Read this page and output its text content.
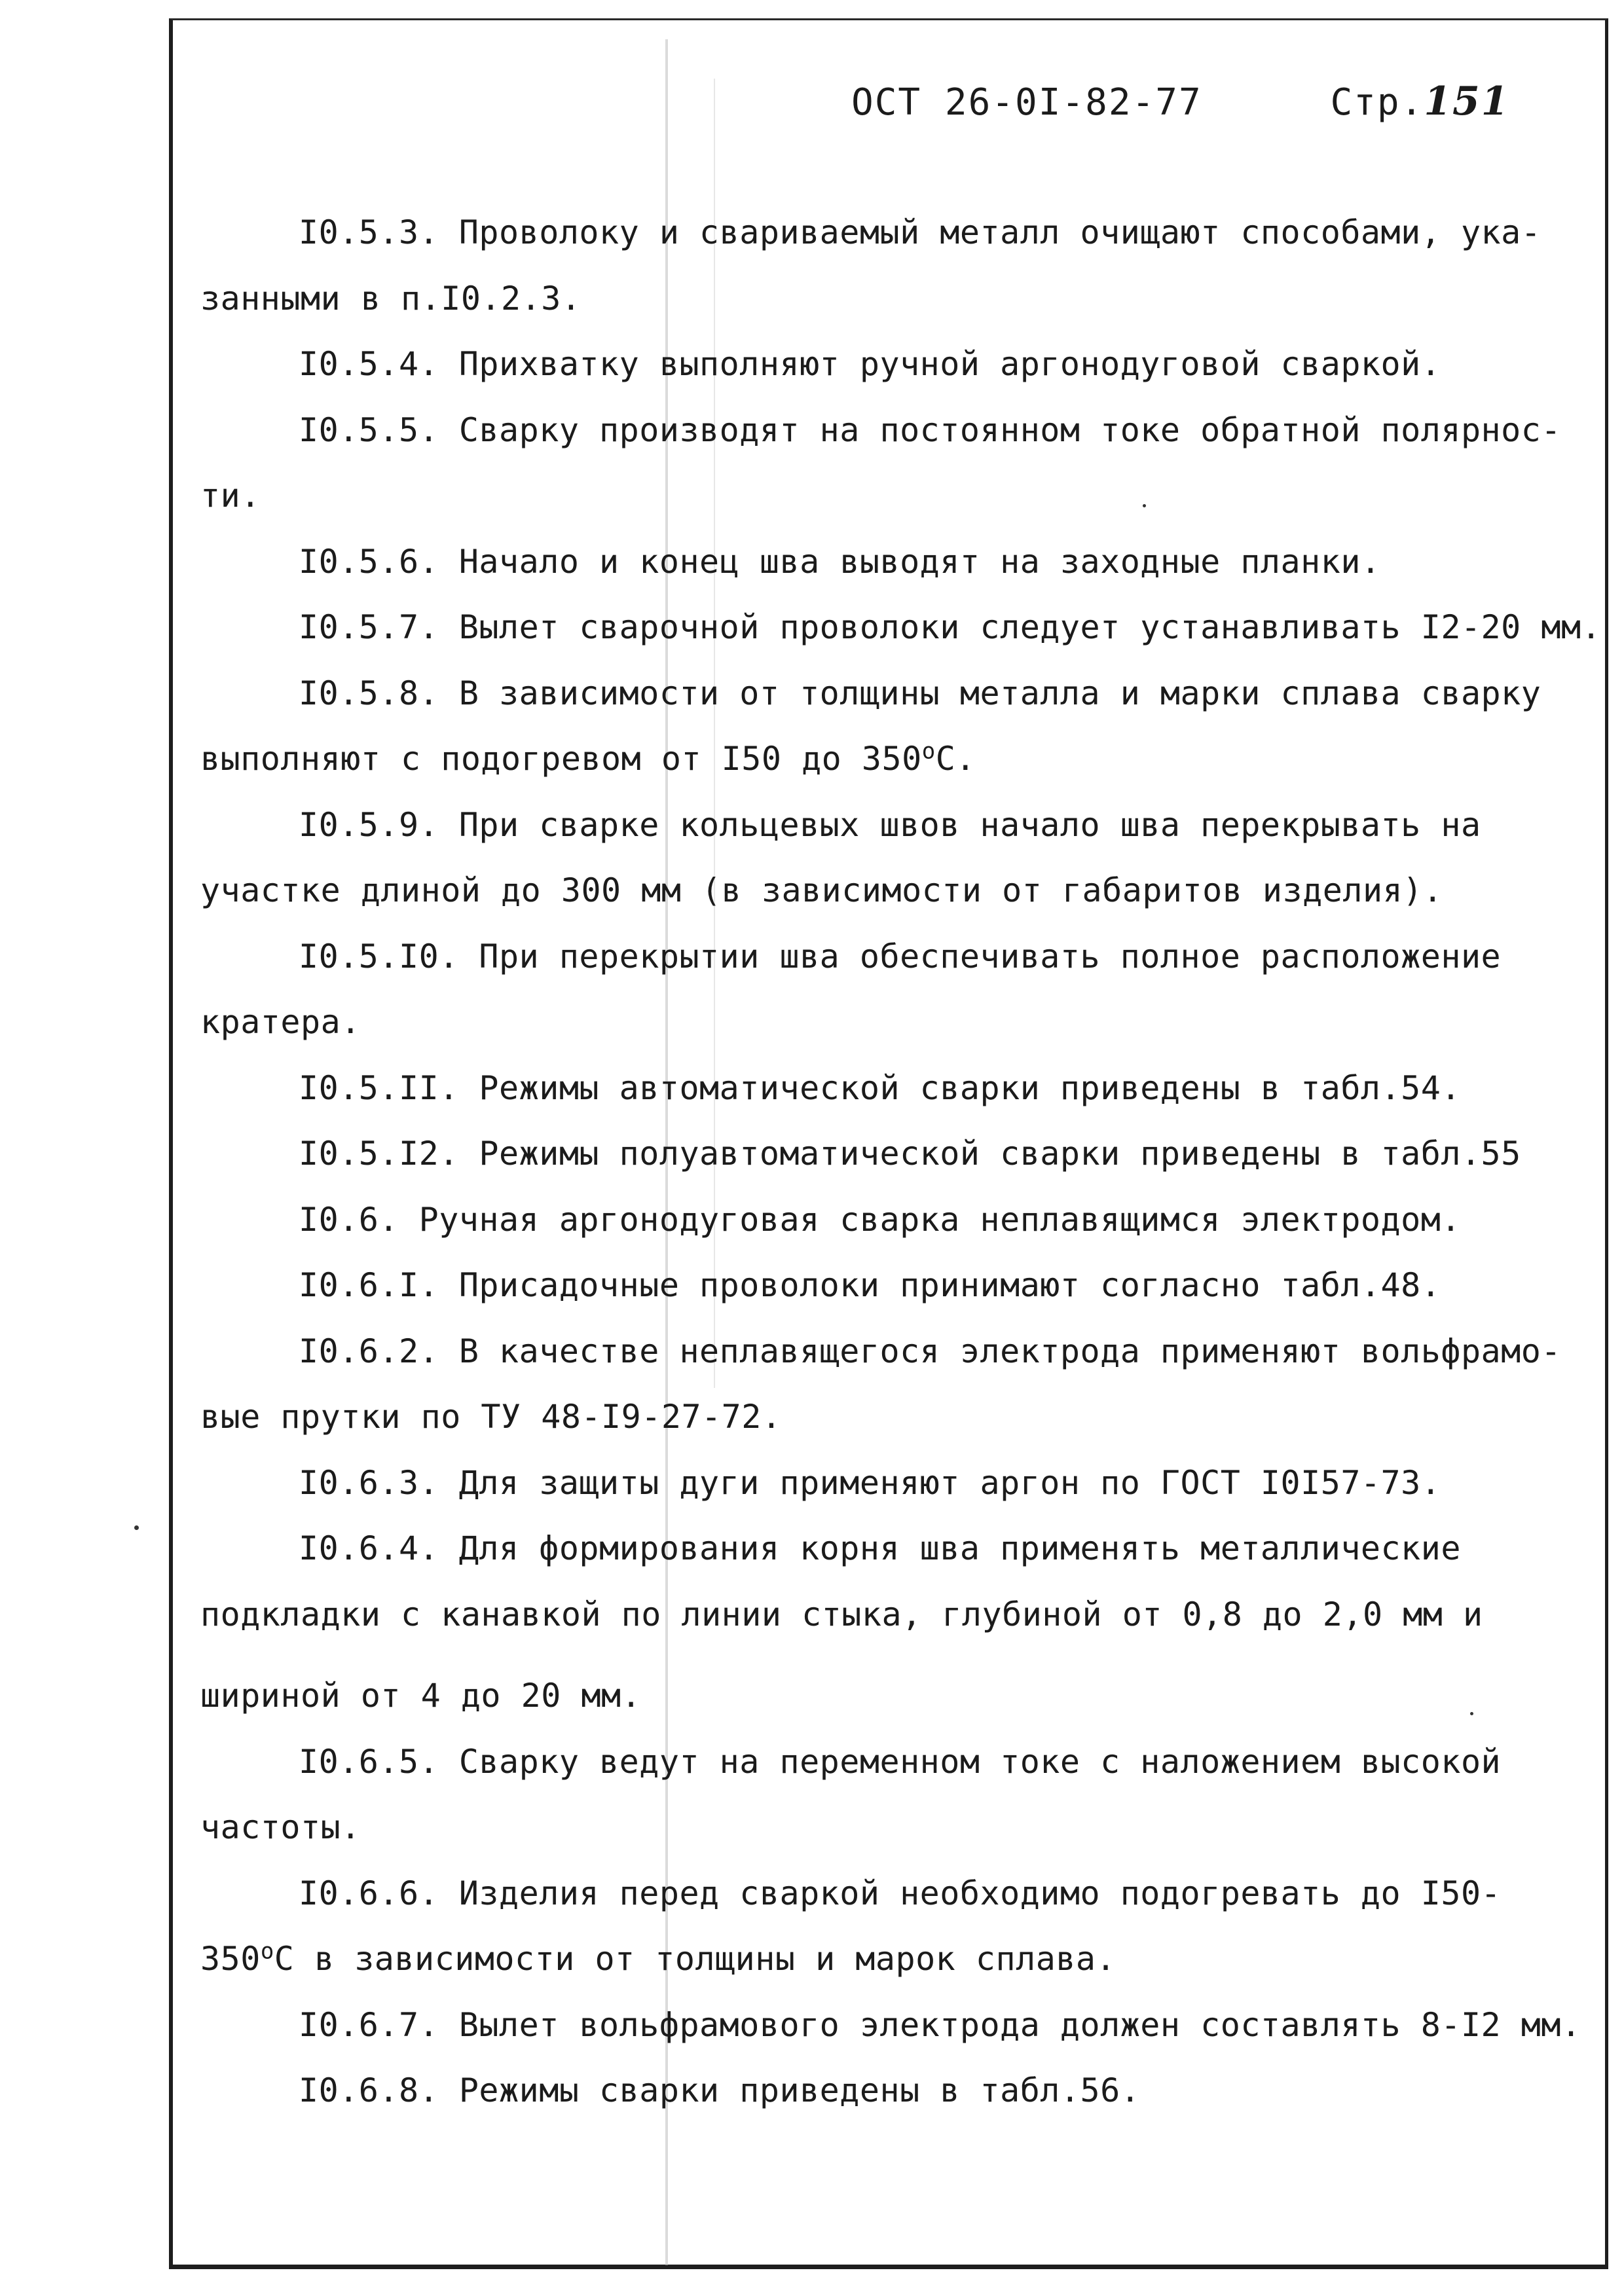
ОСТ 26-0I-82-77	Стр.151
I0.5.3. Проволоку и свариваемый металл очищают способами, ука-
занными в п.I0.2.3.
I0.5.4. Прихватку выполняют ручной аргонодуговой сваркой.
I0.5.5. Сварку производят на постоянном токе обратной полярнос-
ти.
I0.5.6. Начало и конец шва выводят на заходные планки.
I0.5.7. Вылет сварочной проволоки следует устанавливать I2-20 мм.
I0.5.8. В зависимости от толщины металла и марки сплава сварку
выполняют с подогревом от I50 до $350^оС$.
I0.5.9. При сварке кольцевых швов начало шва перекрывать на
участке длиной до 300 мм (в зависимости от габаритов изделия).
I0.5.I0. При перекрытии шва обеспечивать полное расположение
кратера.
I0.5.II. Режимы автоматической сварки приведены в табл.54.
I0.5.I2. Режимы полуавтоматической сварки приведены в табл.55
I0.6. Ручная аргонодуговая сварка неплавящимся электродом.
I0.6.I. Присадочные проволоки принимают согласно табл.48.
I0.6.2. В качестве неплавящегося электрода применяют вольфрамо-
вые прутки по ТУ 48-I9-27-72.
I0.6.3. Для защиты дуги применяют аргон по ГОСТ I0I57-73.
I0.6.4. Для формирования корня шва применять металлические
подкладки с канавкой по линии стыка, глубиной от 0,8 до 2,0 мм и
шириной от 4 до 20 мм.
I0.6.5. Сварку ведут на переменном токе с наложением высокой
частоты.
I0.6.6. Изделия перед сваркой необходимо подогревать до I50-
$350^оС$ в зависимости от толщины и марок сплава.
I0.6.7. Вылет вольфрамового электрода должен составлять 8-I2 мм.
I0.6.8. Режимы сварки приведены в табл.56.
